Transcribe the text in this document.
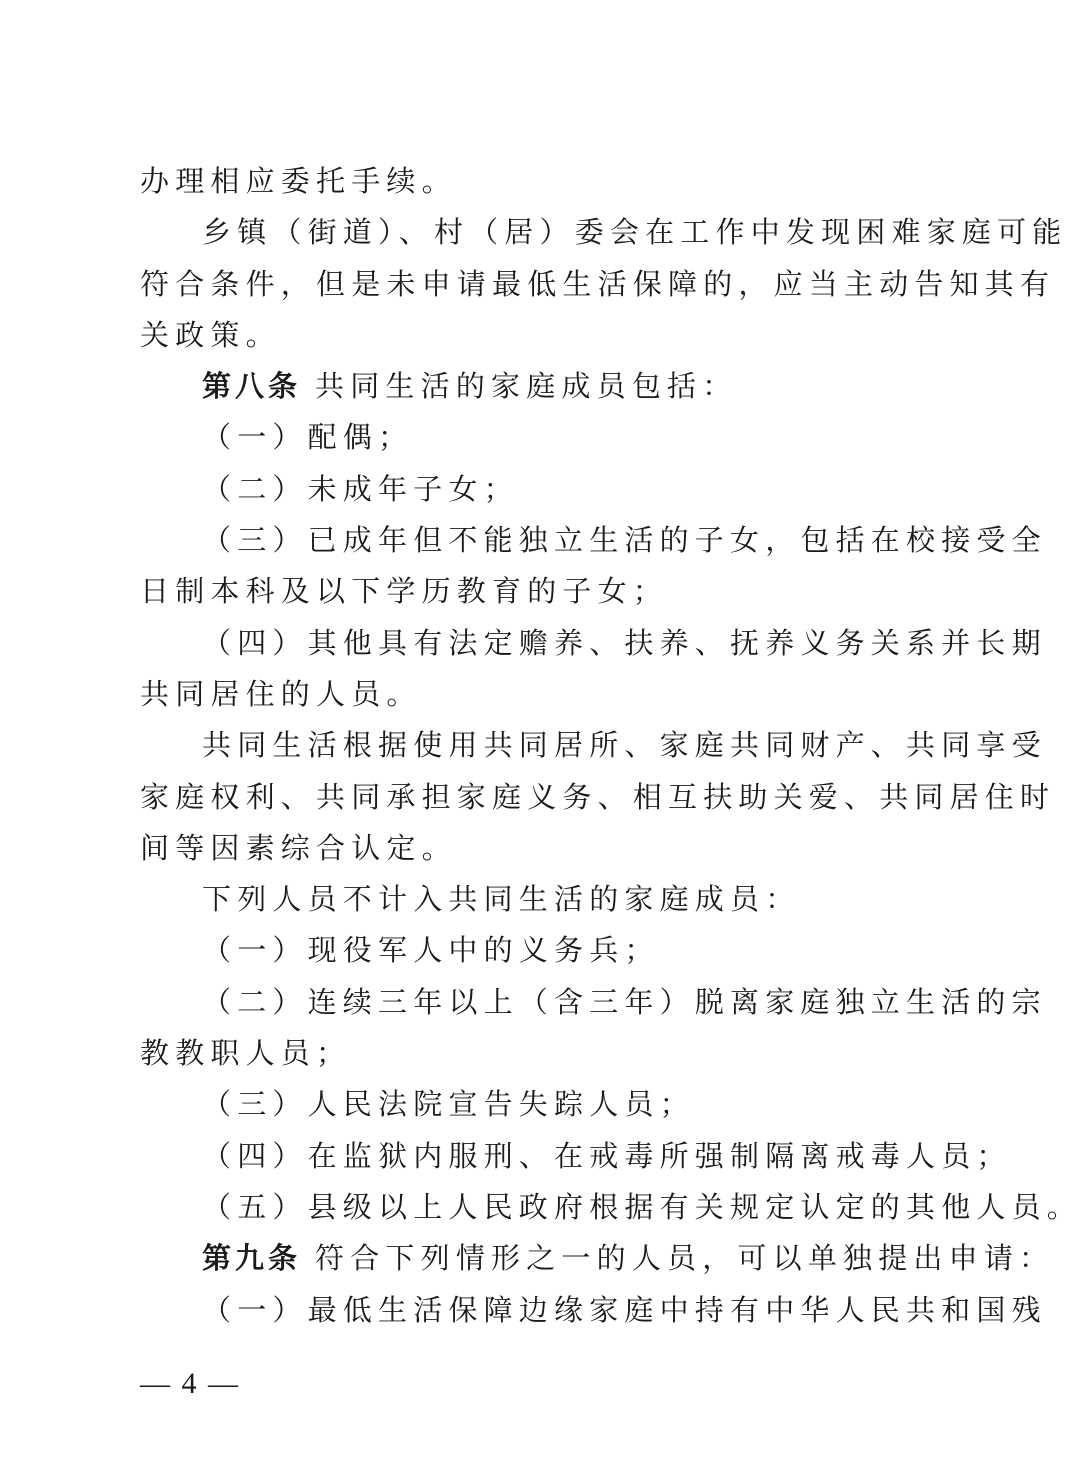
办理相应委托手续。
乡镇（街道）、村（居）委会在工作中发现困难家庭可能
符合条件，但是未申请最低生活保障的，应当主动告知其有
关政策。
第八条 共同生活的家庭成员包括：
（一）配偶；
（二）未成年子女；
（三）已成年但不能独立生活的子女，包括在校接受全
日制本科及以下学历教育的子女；
（四）其他具有法定赡养、扶养、抚养义务关系并长期
共同居住的人员。
共同生活根据使用共同居所、家庭共同财产、共同享受
家庭权利、共同承担家庭义务、相互扶助关爱、共同居住时
间等因素综合认定。
下列人员不计入共同生活的家庭成员：
（一）现役军人中的义务兵；
（二）连续三年以上（含三年）脱离家庭独立生活的宗
教教职人员；
（三）人民法院宣告失踪人员；
（四）在监狱内服刑、在戒毒所强制隔离戒毒人员；
（五）县级以上人民政府根据有关规定认定的其他人员。
第九条 符合下列情形之一的人员，可以单独提出申请：
（一）最低生活保障边缘家庭中持有中华人民共和国残
— 4 —
